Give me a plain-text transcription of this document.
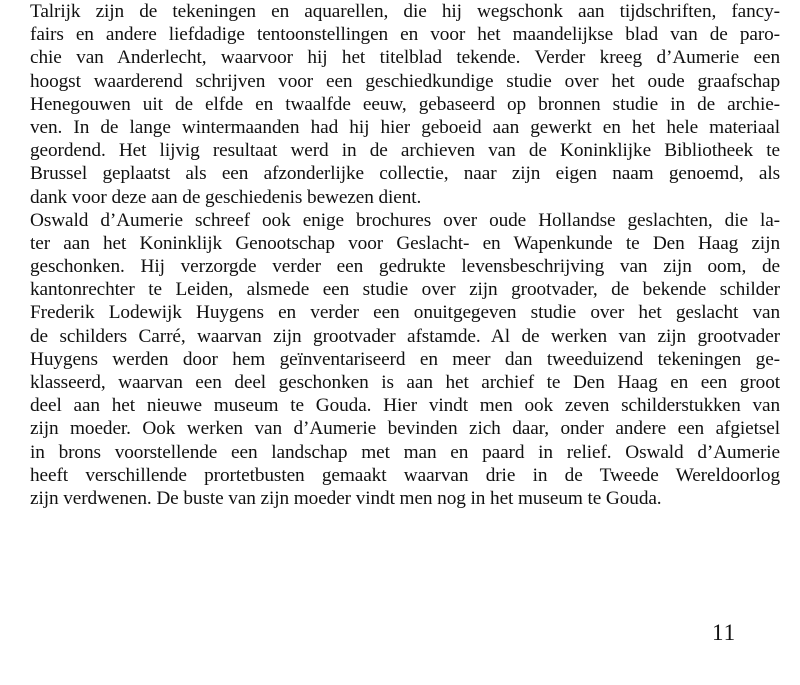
Talrijk zijn de tekeningen en aquarellen, die hij wegschonk aan tijdschriften, fancy-
fairs en andere liefdadige tentoonstellingen en voor het maandelijkse blad van de paro-
chie van Anderlecht, waarvoor hij het titelblad tekende. Verder kreeg d’Aumerie een
hoogst waarderend schrijven voor een geschiedkundige studie over het oude graafschap
Henegouwen uit de elfde en twaalfde eeuw, gebaseerd op bronnen studie in de archie-
ven. In de lange wintermaanden had hij hier geboeid aan gewerkt en het hele materiaal
geordend. Het lijvig resultaat werd in de archieven van de Koninklijke Bibliotheek te
Brussel geplaatst als een afzonderlijke collectie, naar zijn eigen naam genoemd, als
dank voor deze aan de geschiedenis bewezen dient.
Oswald d’Aumerie schreef ook enige brochures over oude Hollandse geslachten, die la-
ter aan het Koninklijk Genootschap voor Geslacht- en Wapenkunde te Den Haag zijn
geschonken. Hij verzorgde verder een gedrukte levensbeschrijving van zijn oom, de
kantonrechter te Leiden, alsmede een studie over zijn grootvader, de bekende schilder
Frederik Lodewijk Huygens en verder een onuitgegeven studie over het geslacht van
de schilders Carré, waarvan zijn grootvader afstamde. Al de werken van zijn grootvader
Huygens werden door hem geïnventariseerd en meer dan tweeduizend tekeningen ge-
klasseerd, waarvan een deel geschonken is aan het archief te Den Haag en een groot
deel aan het nieuwe museum te Gouda. Hier vindt men ook zeven schilderstukken van
zijn moeder. Ook werken van d’Aumerie bevinden zich daar, onder andere een afgietsel
in brons voorstellende een landschap met man en paard in relief. Oswald d’Aumerie
heeft verschillende prortetbusten gemaakt waarvan drie in de Tweede Wereldoorlog
zijn verdwenen. De buste van zijn moeder vindt men nog in het museum te Gouda.
11
